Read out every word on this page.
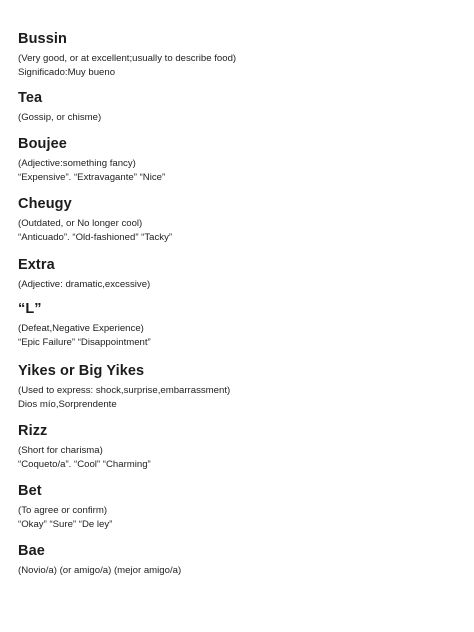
Bussin
(Very good, or at excellent;usually to describe food)
Significado:Muy bueno
Tea
(Gossip, or chisme)
Boujee
(Adjective:something fancy)
“Expensive”. “Extravagante” “Nice”
Cheugy
(Outdated, or No longer cool)
“Anticuado”. “Old-fashioned” “Tacky”
Extra
(Adjective: dramatic,excessive)
“L”
(Defeat,Negative Experience)
“Epic Failure” “Disappointment”
Yikes or Big Yikes
(Used to express: shock,surprise,embarrassment)
Dios mío,Sorprendente
Rizz
(Short for charisma)
“Coqueto/a”. “Cool” “Charming”
Bet
(To agree or confirm)
“Okay” “Sure” “De ley”
Bae
(Novio/a) (or amigo/a) (mejor amigo/a)
